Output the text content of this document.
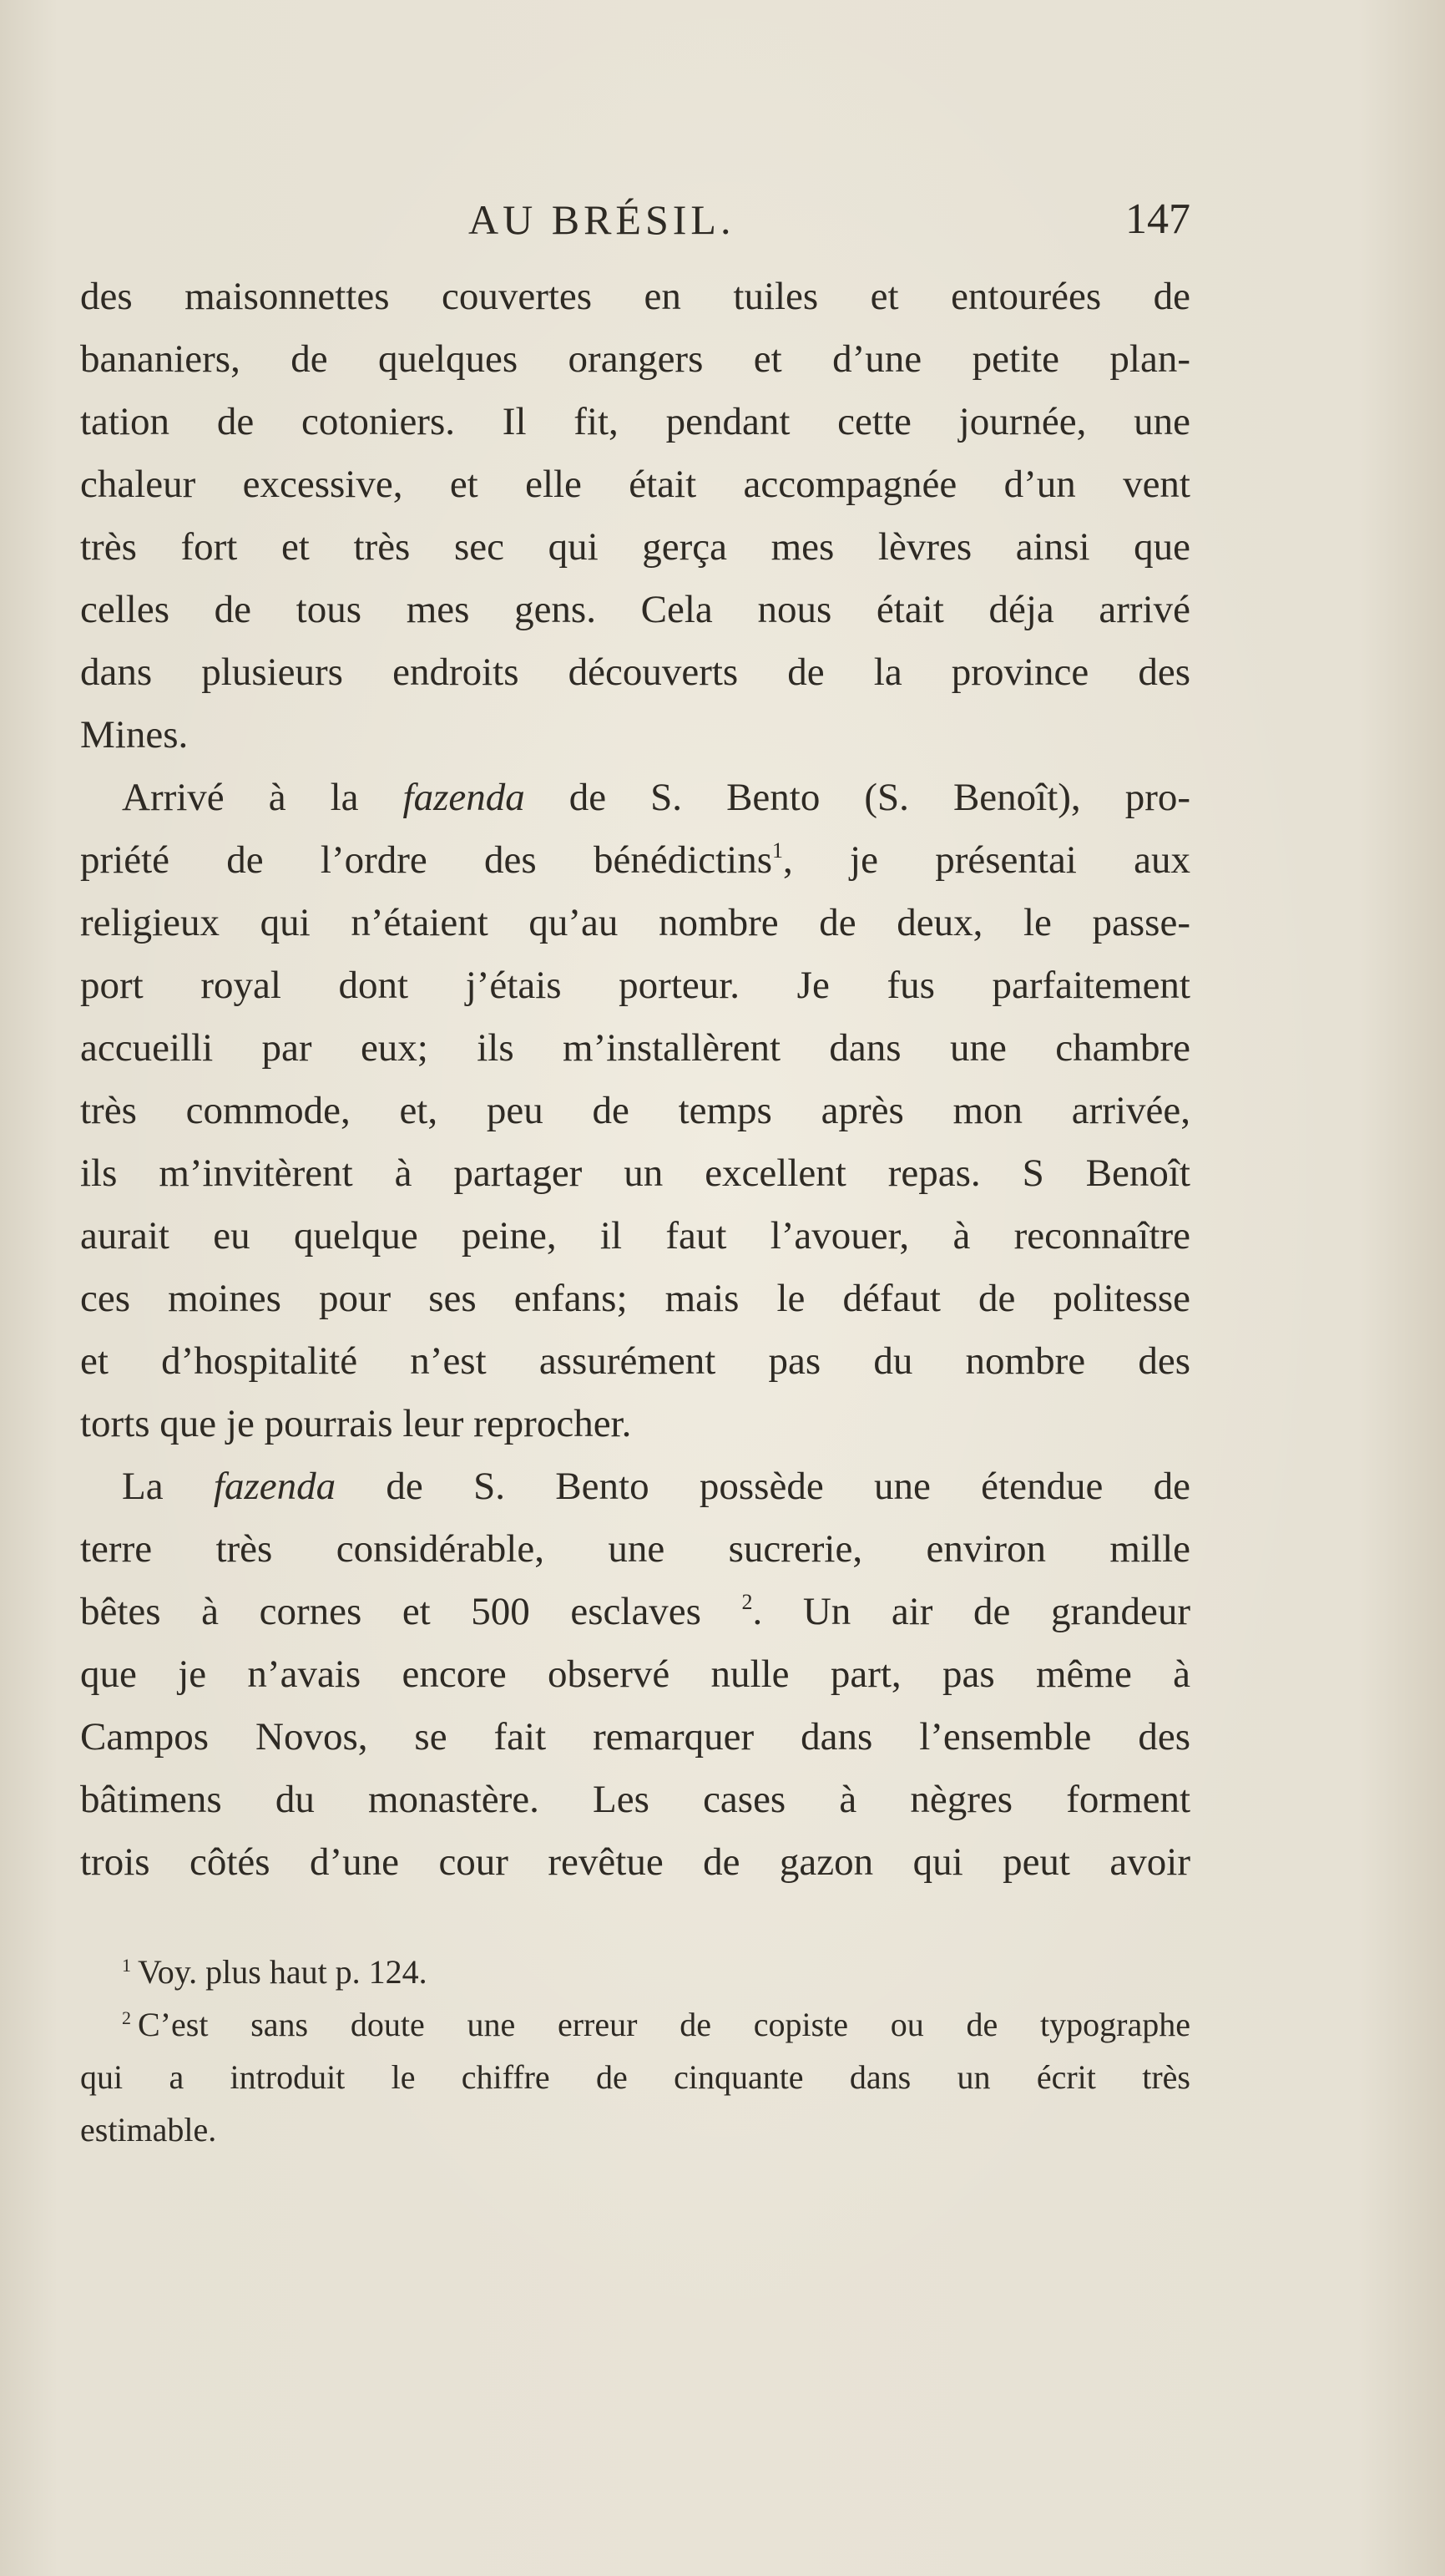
AU BRÉSIL.	147
des maisonnettes couvertes en tuiles et entourées de
bananiers, de quelques orangers et d’une petite plan-
tation de cotoniers. Il fit, pendant cette journée, une
chaleur excessive, et elle était accompagnée d’un vent
très fort et très sec qui gerça mes lèvres ainsi que
celles de tous mes gens. Cela nous était déja arrivé
dans plusieurs endroits découverts de la province des
Mines.
Arrivé à la fazenda de S. Bento (S. Benoît), pro-
priété de l’ordre des bénédictins$^1$, je présentai aux
religieux qui n’étaient qu’au nombre de deux, le passe-
port royal dont j’étais porteur. Je fus parfaitement
accueilli par eux; ils m’installèrent dans une chambre
très commode, et, peu de temps après mon arrivée,
ils m’invitèrent à partager un excellent repas. S Benoît
aurait eu quelque peine, il faut l’avouer, à reconnaître
ces moines pour ses enfans; mais le défaut de politesse
et d’hospitalité n’est assurément pas du nombre des
torts que je pourrais leur reprocher.
La fazenda de S. Bento possède une étendue de
terre très considérable, une sucrerie, environ mille
bêtes à cornes et 500 esclaves $^2$. Un air de grandeur
que je n’avais encore observé nulle part, pas même à
Campos Novos, se fait remarquer dans l’ensemble des
bâtimens du monastère. Les cases à nègres forment
trois côtés d’une cour revêtue de gazon qui peut avoir
$^1$ Voy. plus haut p. 124.
$^2$ C’est sans doute une erreur de copiste ou de typographe
qui a introduit le chiffre de cinquante dans un écrit très
estimable.
